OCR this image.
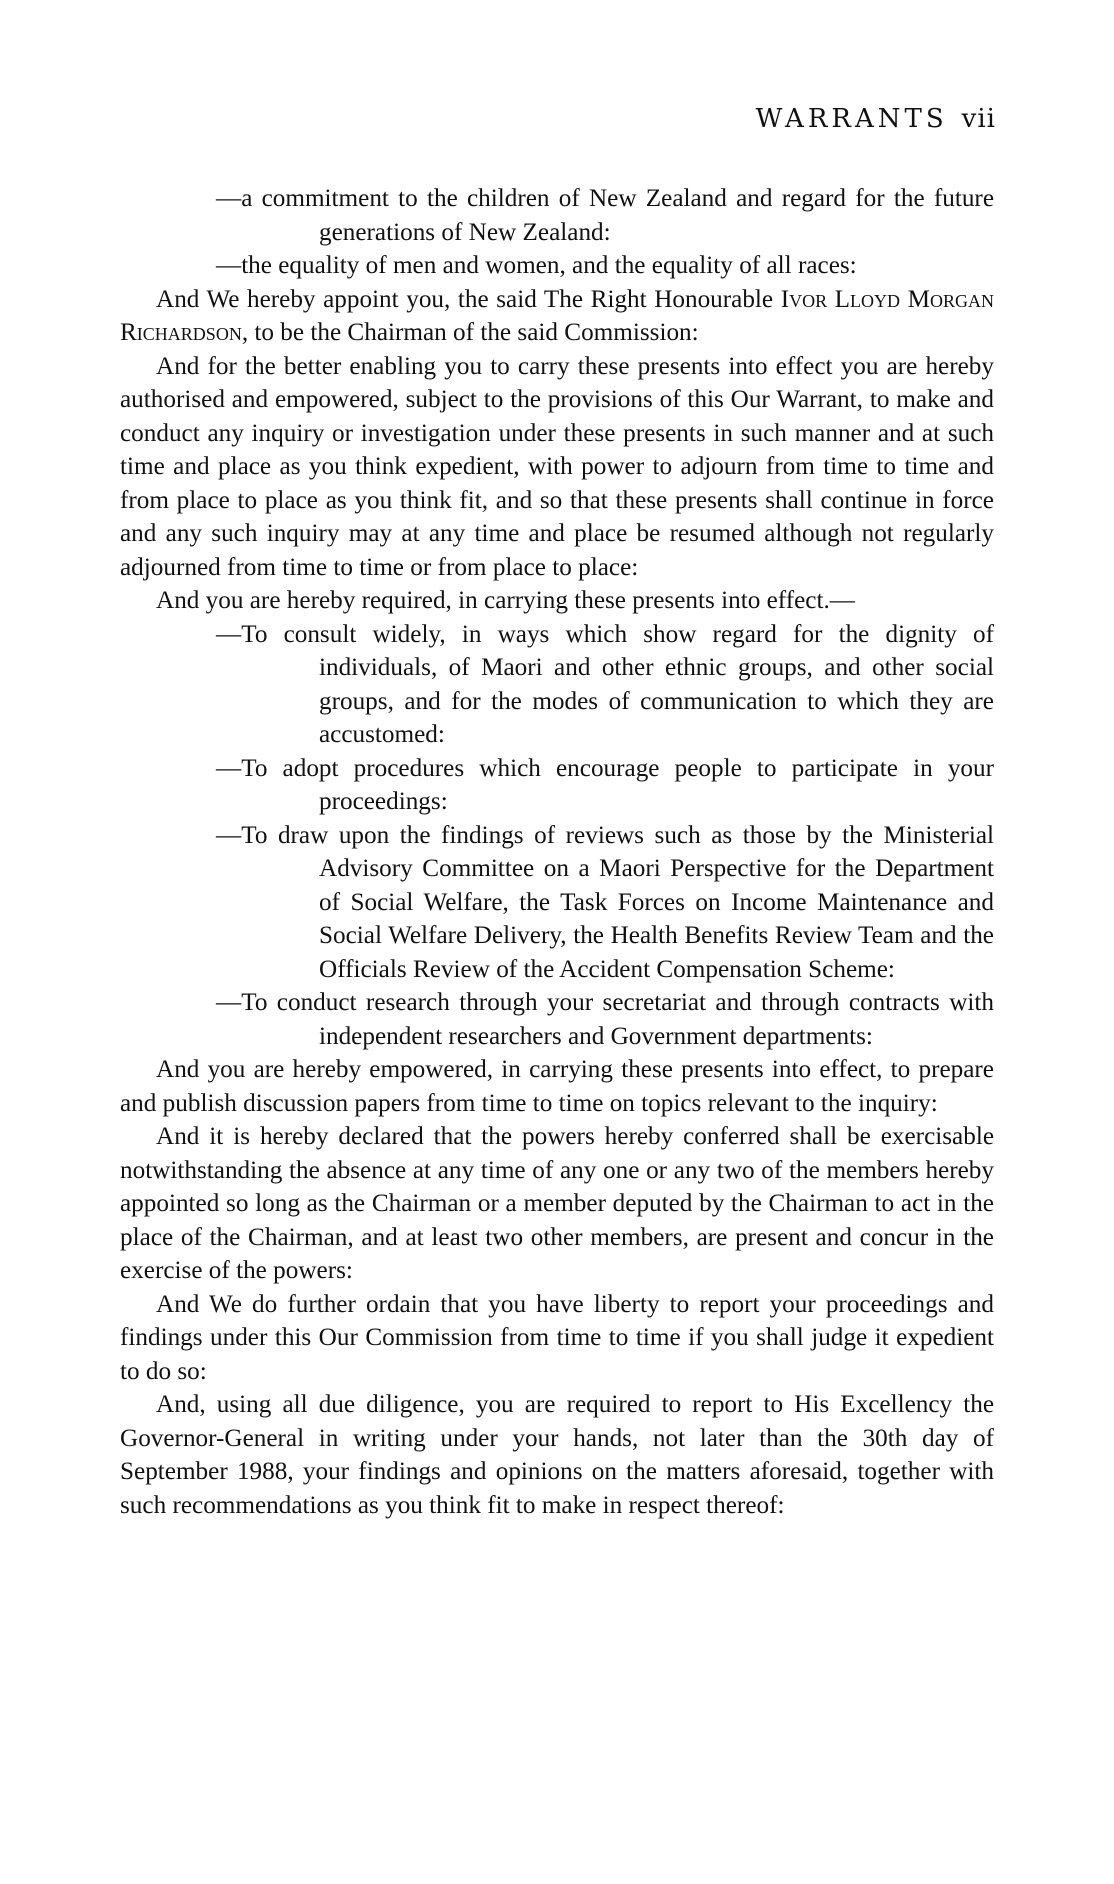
WARRANTS vii

—a commitment to the children of New Zealand and regard for the future generations of New Zealand:

—the equality of men and women, and the equality of all races:

And We hereby appoint you, the said The Right Honourable Ivor Lloyd Morgan Richardson, to be the Chairman of the said Commission:

And for the better enabling you to carry these presents into effect you are hereby authorised and empowered, subject to the provisions of this Our Warrant, to make and conduct any inquiry or investigation under these presents in such manner and at such time and place as you think expedient, with power to adjourn from time to time and from place to place as you think fit, and so that these presents shall continue in force and any such inquiry may at any time and place be resumed although not regularly adjourned from time to time or from place to place:

And you are hereby required, in carrying these presents into effect.—

—To consult widely, in ways which show regard for the dignity of individuals, of Maori and other ethnic groups, and other social groups, and for the modes of communication to which they are accustomed:

—To adopt procedures which encourage people to participate in your proceedings:

—To draw upon the findings of reviews such as those by the Ministerial Advisory Committee on a Maori Perspective for the Department of Social Welfare, the Task Forces on Income Maintenance and Social Welfare Delivery, the Health Benefits Review Team and the Officials Review of the Accident Compensation Scheme:

—To conduct research through your secretariat and through contracts with independent researchers and Government departments:

And you are hereby empowered, in carrying these presents into effect, to prepare and publish discussion papers from time to time on topics relevant to the inquiry:

And it is hereby declared that the powers hereby conferred shall be exercisable notwithstanding the absence at any time of any one or any two of the members hereby appointed so long as the Chairman or a member deputed by the Chairman to act in the place of the Chairman, and at least two other members, are present and concur in the exercise of the powers:

And We do further ordain that you have liberty to report your proceedings and findings under this Our Commission from time to time if you shall judge it expedient to do so:

And, using all due diligence, you are required to report to His Excellency the Governor-General in writing under your hands, not later than the 30th day of September 1988, your findings and opinions on the matters aforesaid, together with such recommendations as you think fit to make in respect thereof:
